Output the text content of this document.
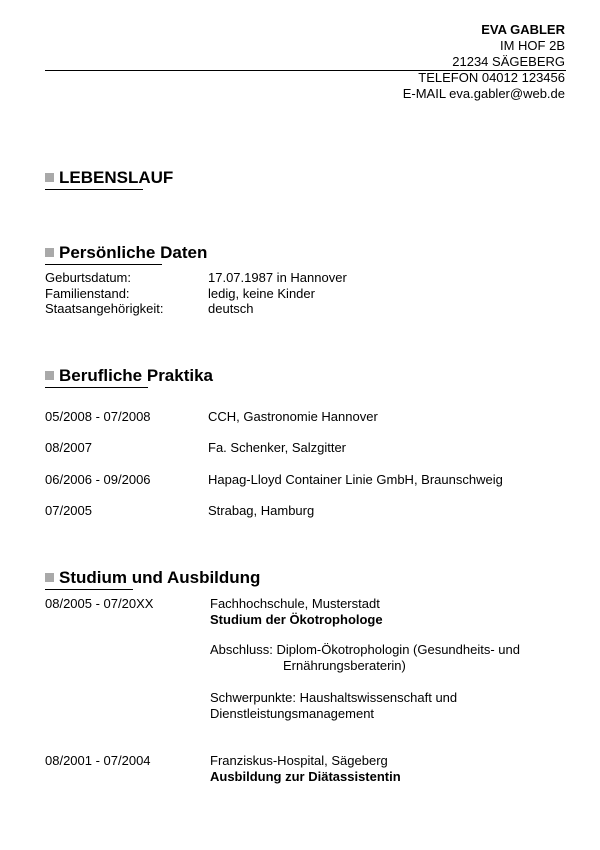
EVA GABLER
IM HOF 2B
21234 SÄGEBERG
TELEFON 04012 123456
E-MAIL eva.gabler@web.de
LEBENSLAUF
Persönliche Daten
Geburtsdatum:	17.07.1987 in Hannover
Familienstand:	ledig, keine Kinder
Staatsangehörigkeit:	deutsch
Berufliche Praktika
05/2008 - 07/2008	CCH, Gastronomie Hannover
08/2007	Fa. Schenker, Salzgitter
06/2006 - 09/2006	Hapag-Lloyd Container Linie GmbH, Braunschweig
07/2005	Strabag, Hamburg
Studium und Ausbildung
08/2005 - 07/20XX	Fachhochschule, Musterstadt
Studium der Ökotrophologe
Abschluss: Diplom-Ökotrophologin (Gesundheits- und
Ernährungsberaterin)
Schwerpunkte: Haushaltswissenschaft und
Dienstleistungsmanagement
08/2001 - 07/2004	Franziskus-Hospital, Sägeberg
Ausbildung zur Diätassistentin
